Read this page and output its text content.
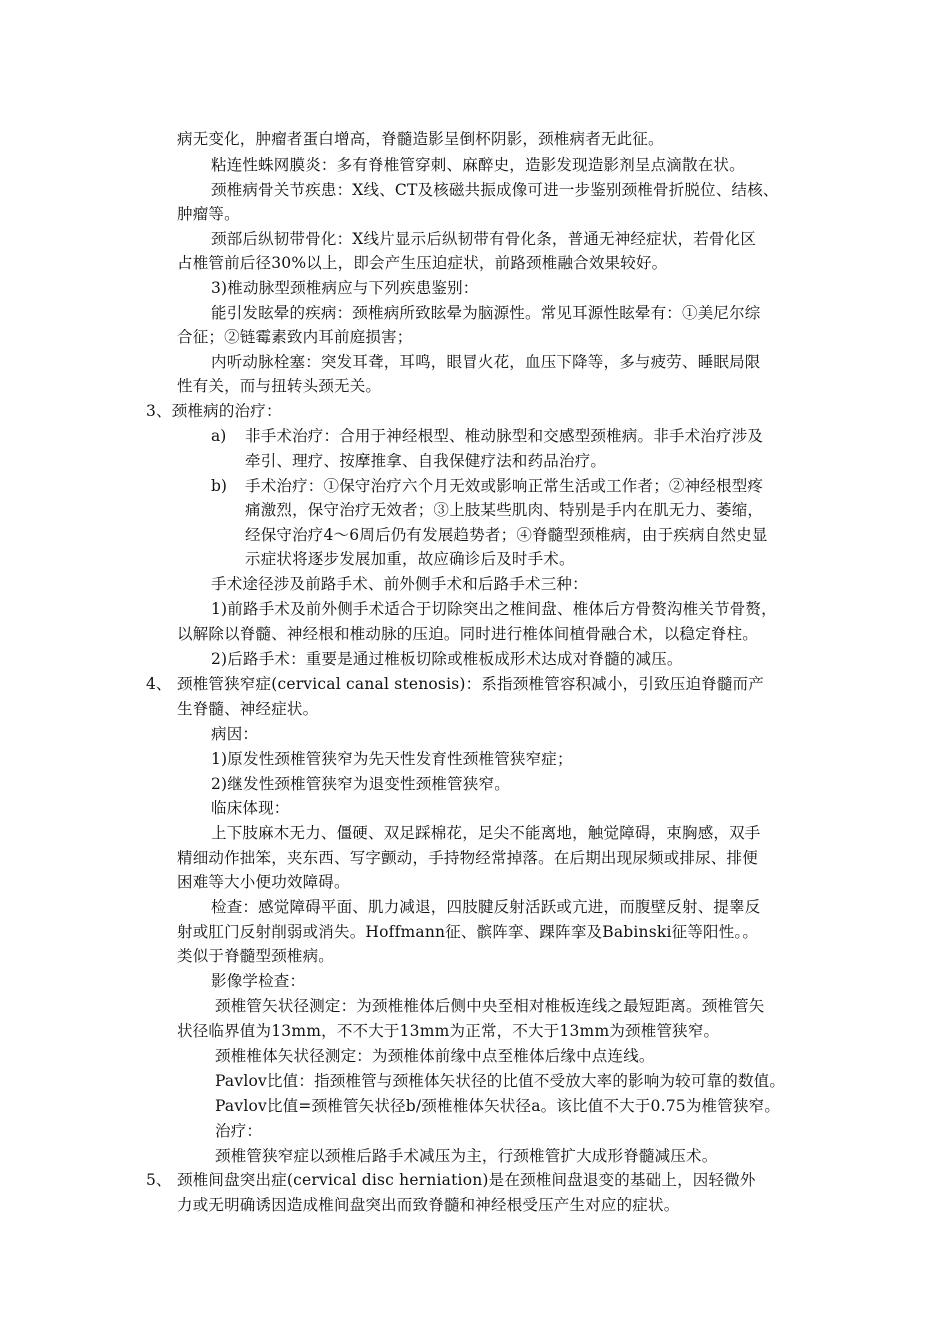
病无变化，肿瘤者蛋白增高，脊髓造影呈倒杯阴影，颈椎病者无此征。
粘连性蛛网膜炎：多有脊椎管穿刺、麻醉史，造影发现造影剂呈点滴散在状。
颈椎病骨关节疾患：X线、CT及核磁共振成像可进一步鉴别颈椎骨折脱位、结核、
肿瘤等。
颈部后纵韧带骨化：X线片显示后纵韧带有骨化条，普通无神经症状，若骨化区
占椎管前后径30%以上，即会产生压迫症状，前路颈椎融合效果较好。
3)椎动脉型颈椎病应与下列疾患鉴别：
能引发眩晕的疾病：颈椎病所致眩晕为脑源性。常见耳源性眩晕有：①美尼尔综
合征；②链霉素致内耳前庭损害；
内听动脉栓塞：突发耳聋，耳鸣，眼冒火花，血压下降等，多与疲劳、睡眠局限
性有关，而与扭转头颈无关。
3、颈椎病的治疗：
a) 非手术治疗：合用于神经根型、椎动脉型和交感型颈椎病。非手术治疗涉及
牵引、理疗、按摩推拿、自我保健疗法和药品治疗。
b) 手术治疗：①保守治疗六个月无效或影响正常生活或工作者；②神经根型疼
痛激烈，保守治疗无效者；③上肢某些肌肉、特别是手内在肌无力、萎缩，
经保守治疗4～6周后仍有发展趋势者；④脊髓型颈椎病，由于疾病自然史显
示症状将逐步发展加重，故应确诊后及时手术。
手术途径涉及前路手术、前外侧手术和后路手术三种：
1)前路手术及前外侧手术适合于切除突出之椎间盘、椎体后方骨赘沟椎关节骨赘，
以解除以脊髓、神经根和椎动脉的压迫。同时进行椎体间植骨融合术，以稳定脊柱。
2)后路手术：重要是通过椎板切除或椎板成形术达成对脊髓的减压。
4、 颈椎管狭窄症(cervical canal stenosis)：系指颈椎管容积减小，引致压迫脊髓而产
生脊髓、神经症状。
病因：
1)原发性颈椎管狭窄为先天性发育性颈椎管狭窄症；
2)继发性颈椎管狭窄为退变性颈椎管狭窄。
临床体现：
上下肢麻木无力、僵硬、双足踩棉花，足尖不能离地，触觉障碍，束胸感，双手
精细动作拙笨，夹东西、写字颤动，手持物经常掉落。在后期出现尿频或排尿、排便
困难等大小便功效障碍。
检查：感觉障碍平面、肌力减退，四肢腱反射活跃或亢进，而腹壁反射、提睾反
射或肛门反射削弱或消失。Hoffmann征、髌阵挛、踝阵挛及Babinski征等阳性。。
类似于脊髓型颈椎病。
影像学检查：
颈椎管矢状径测定：为颈椎椎体后侧中央至相对椎板连线之最短距离。颈椎管矢
状径临界值为13mm，不不大于13mm为正常，不大于13mm为颈椎管狭窄。
颈椎椎体矢状径测定：为颈椎体前缘中点至椎体后缘中点连线。
Pavlov比值：指颈椎管与颈椎体矢状径的比值不受放大率的影响为较可靠的数值。
Pavlov比值=颈椎管矢状径b/颈椎椎体矢状径a。该比值不大于0.75为椎管狭窄。
治疗：
颈椎管狭窄症以颈椎后路手术减压为主，行颈椎管扩大成形脊髓减压术。
5、 颈椎间盘突出症(cervical disc herniation)是在颈椎间盘退变的基础上，因轻微外
力或无明确诱因造成椎间盘突出而致脊髓和神经根受压产生对应的症状。
